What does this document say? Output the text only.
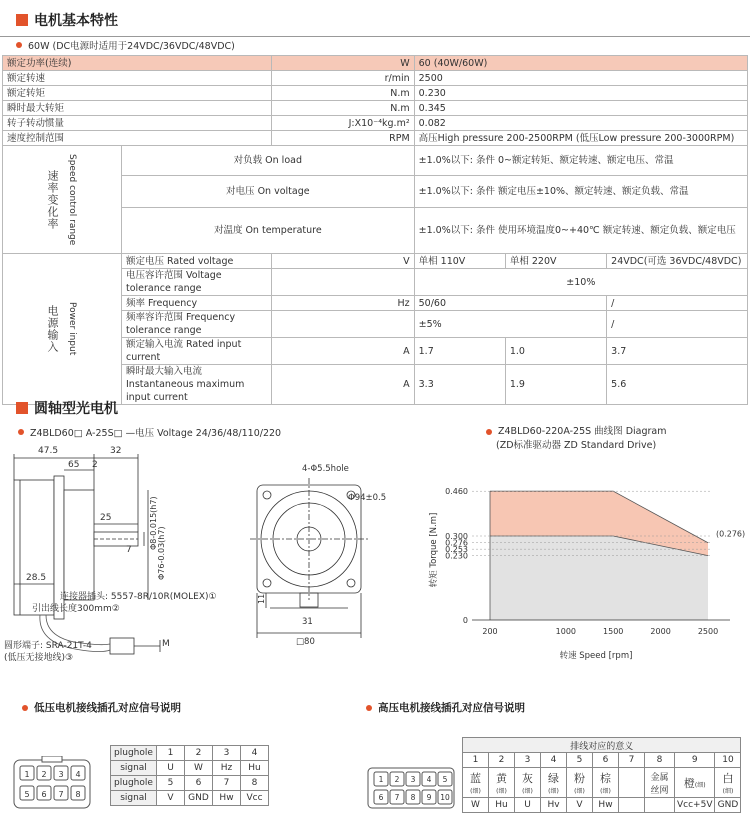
电机基本特性
60W (DC电源时适用于24VDC/36VDC/48VDC)
额定功率(连续)		W	60 (40W/60W)		
额定转速		r/min	2500		
额定转矩		N.m	0.230		
瞬时最大转矩		N.m	0.345		
转子转动惯量		J:X10⁻⁴kg.m²	0.082		
速度控制范围		RPM	高压High pressure 200-2500RPM (低压Low pressure 200-3000RPM)		

速率变化率 Speed control range	对负载 On load		±1.0%以下: 条件 0~额定转矩、额定转速、额定电压、常温		
	对电压 On voltage		±1.0%以下: 条件 额定电压±10%、额定转速、额定负载、常温		
	对温度 On temperature		±1.0%以下: 条件 使用环境温度0~+40℃ 额定转速、额定负载、额定电压		

电源输入 Power input	额定电压 Rated voltage	V	单相 110V	单相 220V	24VDC(可选 36VDC/48VDC)
	电压容许范围 Voltage tolerance range		±10%		
	频率 Frequency	Hz	50/60		/
	频率容许范围 Frequency tolerance range		±5%		/
	额定输入电流 Rated input current	A	1.7	1.0	3.7

	瞬时最大输入电流
Instantaneous maximum input current	A	3.3	1.9	5.6
圆轴型光电机
Z4BLD60□ A-25S□ —电压 Voltage 24/36/48/110/220
47.5	32
65 2
25
7
28.5
M
Φ8-0.015(h7)
Φ76-0.03(h7)
连接器插头: 5557-8R/10R(MOLEX)①
引出线长度300mm②
圆形端子: SRA-21T-4
(低压无接地线)③
4-Φ5.5hole
Φ94±0.5
31
□80
11
Z4BLD60-220A-25S 曲线图 Diagram
(ZD标准驱动器 ZD Standard Drive)
0
0.230
0.253
0.276
0.300
0.460
200	1000	1500	2000	2500
(0.276)
转速 Speed [rpm]
转矩 Torque [N.m]
低压电机接线插孔对应信号说明	高压电机接线插孔对应信号说明
1 2 3 4
5 6 7 8
plughole	1	2	3	4
signal	U	W	Hz	Hu
plughole	5	6	7	8
signal	V	GND	Hw	Vcc
1 2 3 4 5
6 7 8 9 10
排线对应的意义									
1	2	3	4	5	6	7	8	9	10
蓝(细)	黄(细)	灰(细)	绿(细)	粉(细)	棕(细)		金属丝网	橙(细)	白(细)
W	Hu	U	Hv	V	Hw			Vcc+5V	GND
